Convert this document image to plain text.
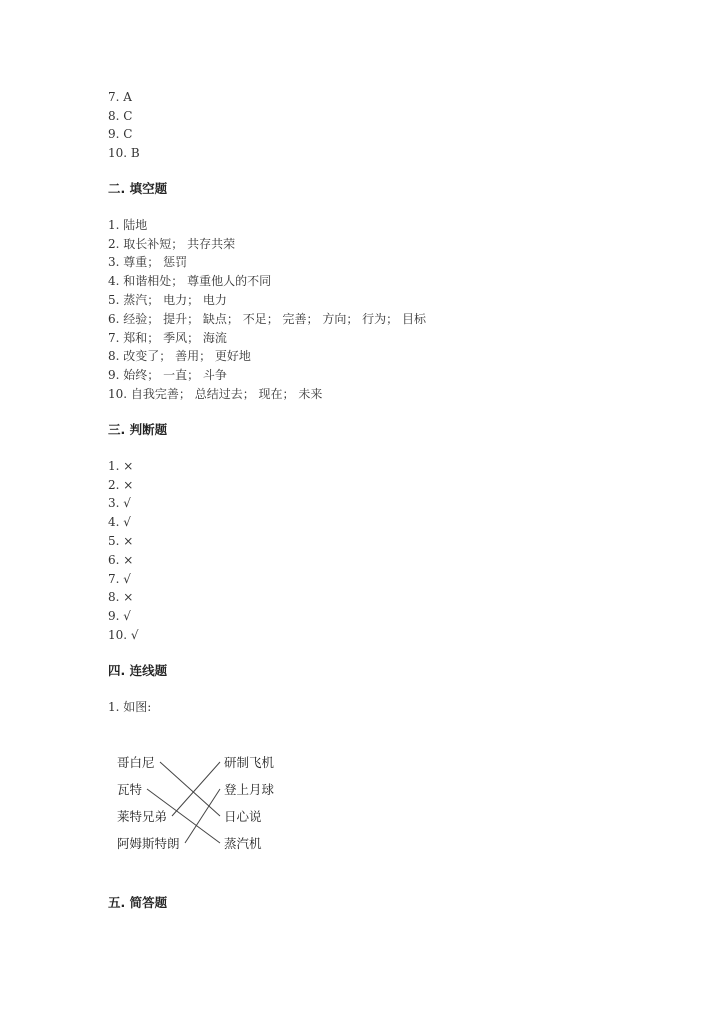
7. A
8. C
9. C
10. B
二. 填空题
1. 陆地
2. 取长补短； 共存共荣
3. 尊重； 惩罚
4. 和谐相处； 尊重他人的不同
5. 蒸汽； 电力； 电力
6. 经验； 提升； 缺点； 不足； 完善； 方向； 行为； 目标
7. 郑和； 季风； 海流
8. 改变了； 善用； 更好地
9. 始终； 一直； 斗争
10. 自我完善； 总结过去； 现在； 未来
三. 判断题
1. ×
2. ×
3. √
4. √
5. ×
6. ×
7. √
8. ×
9. √
10. √
四. 连线题
1. 如图:
哥白尼
瓦特
莱特兄弟
阿姆斯特朗
研制飞机
登上月球
日心说
蒸汽机
五. 简答题
